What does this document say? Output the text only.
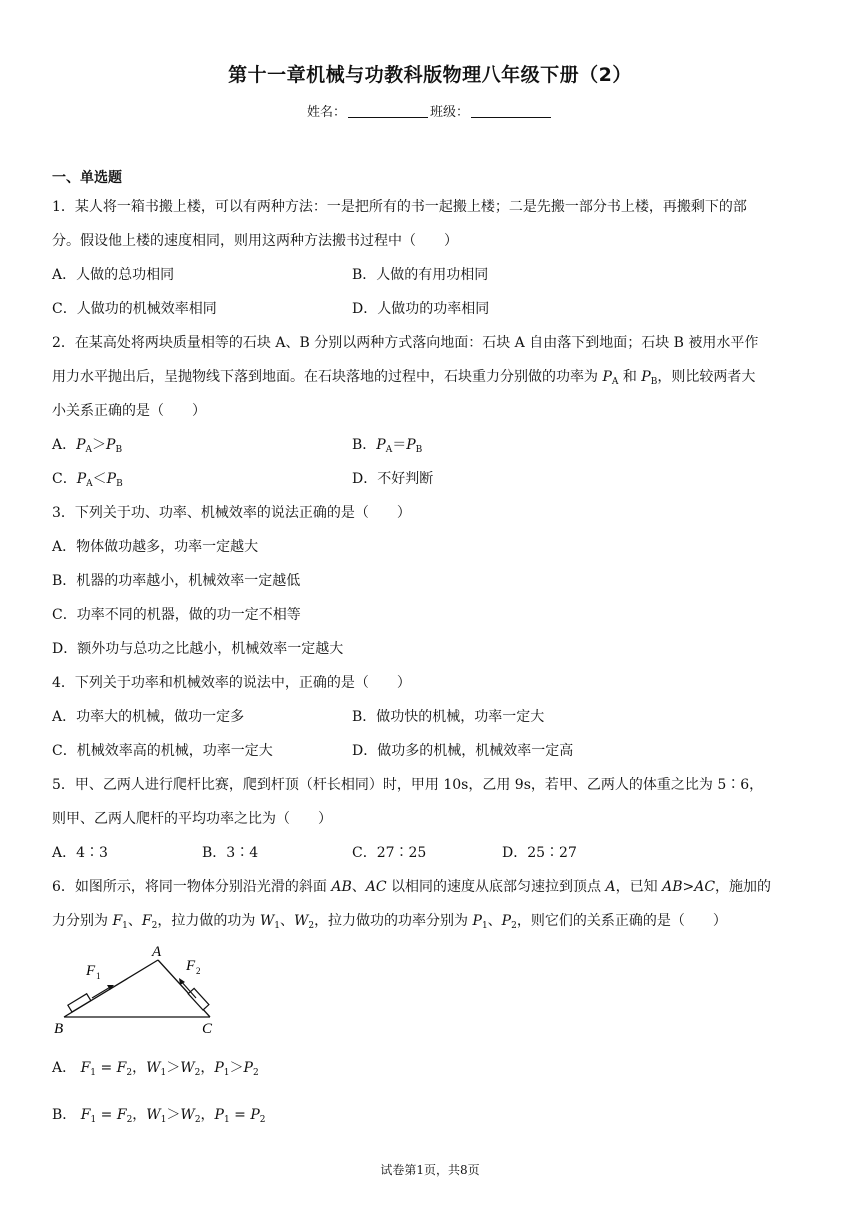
第十一章机械与功教科版物理八年级下册（2）
姓名：	班级：
一、单选题
1．某人将一箱书搬上楼，可以有两种方法：一是把所有的书一起搬上楼；二是先搬一部分书上楼，再搬剩下的部
分。假设他上楼的速度相同，则用这两种方法搬书过程中（　　）
A．人做的总功相同	B．人做的有用功相同
C．人做功的机械效率相同	D．人做功的功率相同
2．在某高处将两块质量相等的石块 A、B 分别以两种方式落向地面：石块 A 自由落下到地面；石块 B 被用水平作
用力水平抛出后，呈抛物线下落到地面。在石块落地的过程中，石块重力分别做的功率为 $P_A$ 和 $P_B$，则比较两者大
小关系正确的是（　　）
A．$P_A>P_B$	B．$P_A=P_B$
C．$P_A<P_B$	D．不好判断
3．下列关于功、功率、机械效率的说法正确的是（　　）
A．物体做功越多，功率一定越大
B．机器的功率越小，机械效率一定越低
C．功率不同的机器，做的功一定不相等
D．额外功与总功之比越小，机械效率一定越大
4．下列关于功率和机械效率的说法中，正确的是（　　）
A．功率大的机械，做功一定多	B．做功快的机械，功率一定大
C．机械效率高的机械，功率一定大	D．做功多的机械，机械效率一定高
5．甲、乙两人进行爬杆比赛，爬到杆顶（杆长相同）时，甲用 10s，乙用 9s，若甲、乙两人的体重之比为 5∶6，
则甲、乙两人爬杆的平均功率之比为（　　）
A．4∶3	B．3∶4	C．27∶25	D．25∶27
6．如图所示，将同一物体分别沿光滑的斜面 AB、AC 以相同的速度从底部匀速拉到顶点 A，已知 AB>AC，施加的
力分别为 $F_1$、$F_2$，拉力做的功为 $W_1$、$W_2$，拉力做功的功率分别为 $P_1$、$P_2$，则它们的关系正确的是（　　）
A
B	C
F 1
F 2
A． $F_1 = F_2$，$W_1>W_2$，$P_1>P_2$
B． $F_1 = F_2$，$W_1>W_2$，$P_1 = P_2$
试卷第1页，共8页
